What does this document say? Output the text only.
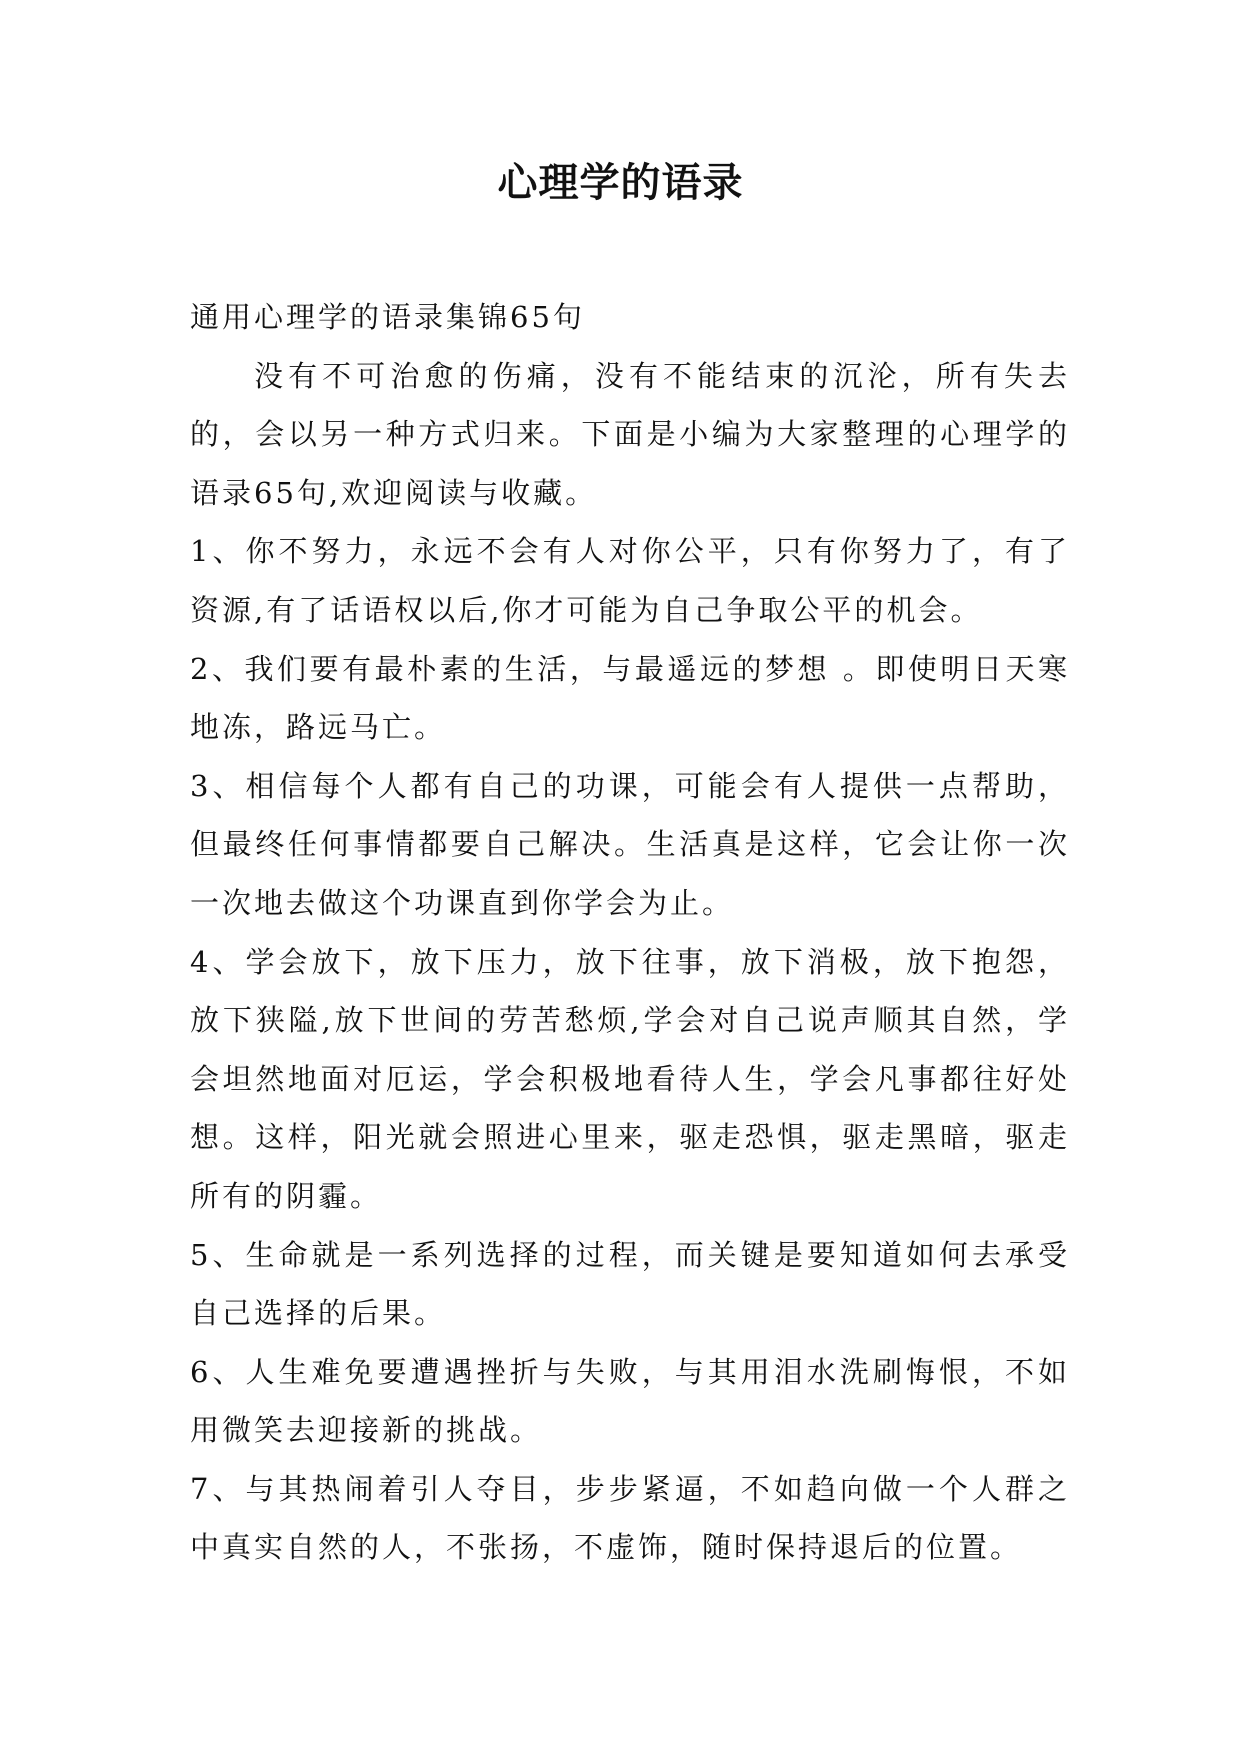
心理学的语录

通用心理学的语录集锦65句

没有不可治愈的伤痛，没有不能结束的沉沦，所有失去的，会以另一种方式归来。下面是小编为大家整理的心理学的语录65句,欢迎阅读与收藏。

1、你不努力，永远不会有人对你公平，只有你努力了，有了资源,有了话语权以后,你才可能为自己争取公平的机会。

2、我们要有最朴素的生活，与最遥远的梦想 。即使明日天寒地冻，路远马亡。

3、相信每个人都有自己的功课，可能会有人提供一点帮助，但最终任何事情都要自己解决。生活真是这样，它会让你一次一次地去做这个功课直到你学会为止。

4、学会放下，放下压力，放下往事，放下消极，放下抱怨，放下狭隘,放下世间的劳苦愁烦,学会对自己说声顺其自然，学会坦然地面对厄运，学会积极地看待人生，学会凡事都往好处想。这样，阳光就会照进心里来，驱走恐惧，驱走黑暗，驱走所有的阴霾。

5、生命就是一系列选择的过程，而关键是要知道如何去承受自己选择的后果。

6、人生难免要遭遇挫折与失败，与其用泪水洗刷悔恨，不如用微笑去迎接新的挑战。

7、与其热闹着引人夺目，步步紧逼，不如趋向做一个人群之中真实自然的人，不张扬，不虚饰，随时保持退后的位置。
